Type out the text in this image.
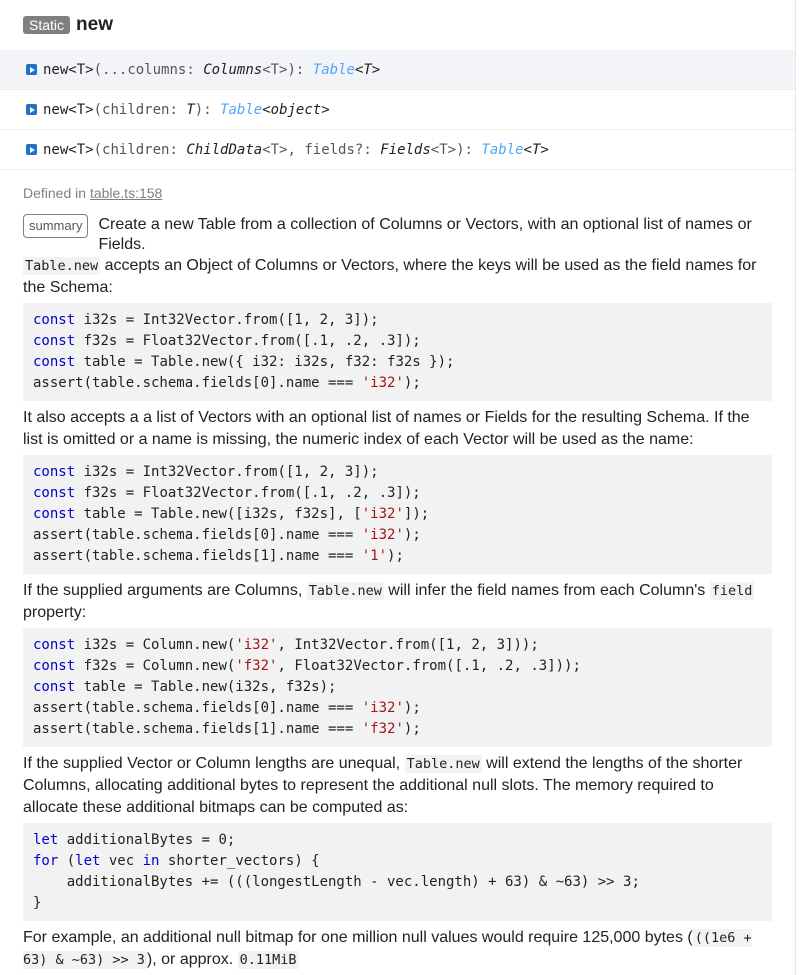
Static new
new <T> ( ...columns : Columns <T> ): Table <T>
new <T> ( children : T ): Table <object>
new <T> ( children : ChildData <T> , fields? : Fields <T> ): Table <T>
Defined in table.ts:158
summary	Create a new Table from a collection of Columns or Vectors, with an optional list of names or Fields.

Table.new accepts an Object of Columns or Vectors, where the keys will be used as the field names for the Schema:

const i32s = Int32Vector.from([1, 2, 3]);
const f32s = Float32Vector.from([.1, .2, .3]);
const table = Table.new({ i32: i32s, f32: f32s });
assert(table.schema.fields[0].name === 'i32');

It also accepts a a list of Vectors with an optional list of names or Fields for the resulting Schema. If the list is omitted or a name is missing, the numeric index of each Vector will be used as the name:

const i32s = Int32Vector.from([1, 2, 3]);
const f32s = Float32Vector.from([.1, .2, .3]);
const table = Table.new([i32s, f32s], ['i32']);
assert(table.schema.fields[0].name === 'i32');
assert(table.schema.fields[1].name === '1');

If the supplied arguments are Columns, Table.new will infer the field names from each Column's field property:

const i32s = Column.new('i32', Int32Vector.from([1, 2, 3]));
const f32s = Column.new('f32', Float32Vector.from([.1, .2, .3]));
const table = Table.new(i32s, f32s);
assert(table.schema.fields[0].name === 'i32');
assert(table.schema.fields[1].name === 'f32');

If the supplied Vector or Column lengths are unequal, Table.new will extend the lengths of the shorter Columns, allocating additional bytes to represent the additional null slots. The memory required to allocate these additional bitmaps can be computed as:

let additionalBytes = 0;
for (let vec in shorter_vectors) {
additionalBytes += (((longestLength - vec.length) + 63) & ~63) >> 3;
}

For example, an additional null bitmap for one million null values would require 125,000 bytes ( ((1e6 + 63) & ~63) >> 3 ), or approx. 0.11MiB
